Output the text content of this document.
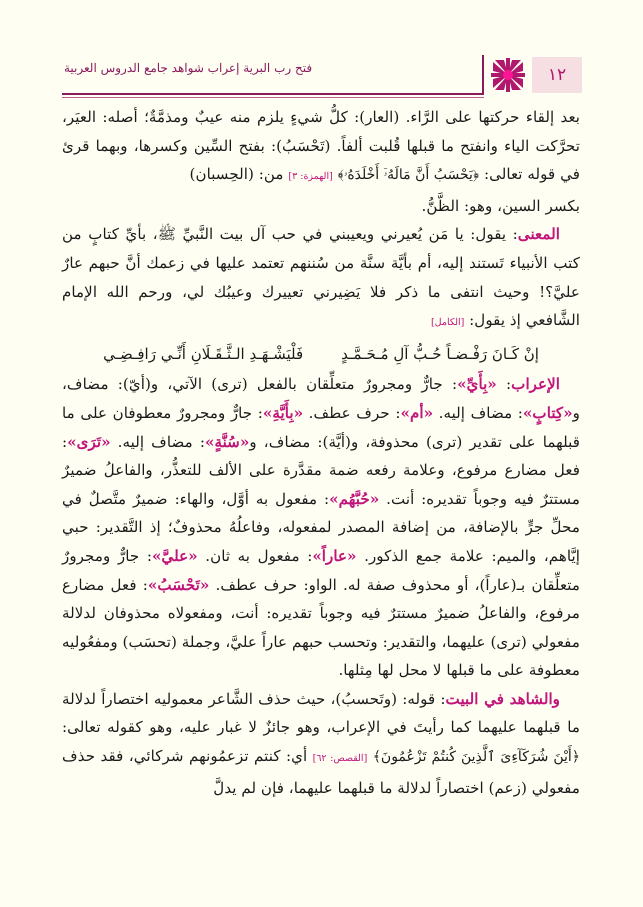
١٢
فتح رب البرية إعراب شواهد جامع الدروس العربية

بعد إلقاء حركتها على الرَّاء. (العار): كلُّ شيءٍ يلزم منه عيبٌ ومذمَّةٌ؛ أصله: العيَر، تحرَّكت الياء وانفتح ما قبلها قُلبت ألفاً. (تَحْسَبُ): بفتح السِّين وكسرها، وبهما قرئ في قوله تعالى: ﴿يَحْسَبُ أَنَّ مَالَهُۥٓ أَخْلَدَهُۥ﴾ [الهمزة: ٣] من: (الحِسبان)

بكسر السين، وهو: الظَّنُّ.

المعنى: يقول: يا مَن يُعيرني ويعيبني في حب آل بيت النَّبيِّ ﷺ، بأيِّ كتابٍ من كتب الأنبياء تَستند إليه، أم بأيَّة سنَّة من سُننهم تعتمد عليها في زعمك أنَّ حبهم عارٌ عليَّ؟! وحيث انتفى ما ذكر فلا يَضِيرني تعييرك وعيبُك لي، ورحم الله الإمام الشَّافعي إذ يقول: [الكامل]

إنْ كَـانَ رَفْـضـاً حُـبُّ آلِ مُـحَـمَّـدٍ
فَلْيَشْـهَـدِ الـثَّـقَـلَانِ أَنِّـي رَافِـضِـي

الإعراب: «بِأَيِّ»: جارٌّ ومجرورٌ متعلِّقان بالفعل (ترى) الآتي، و(أيّ): مضاف، و«كِتابٍ»: مضاف إليه. «أم»: حرف عطف. «بِأَيَّةِ»: جارٌّ ومجرورٌ معطوفان على ما قبلهما على تقدير (ترى) محذوفة، و(أيَّة): مضاف، و«سُنَّةٍ»: مضاف إليه. «تَرَى»: فعل مضارع مرفوع، وعلامة رفعه ضمة مقدَّرة على الألف للتعذُّر، والفاعلُ ضميرٌ مستترٌ فيه وجوباً تقديره: أنت. «حُبَّهُم»: مفعول به أوَّل، والهاء: ضميرٌ متَّصلٌ في محلِّ جرٍّ بالإضافة، من إضافة المصدر لمفعوله، وفاعلُهُ محذوفٌ؛ إذ التَّقدير: حبي إيَّاهم، والميم: علامة جمع الذكور. «عاراً»: مفعول به ثان. «عليَّ»: جارٌّ ومجرورٌ متعلِّقان بـ(عاراً)، أو محذوف صفة له. الواو: حرف عطف. «تَحْسَبُ»: فعل مضارع مرفوع، والفاعلُ ضميرٌ مستترٌ فيه وجوباً تقديره: أنت، ومفعولاه محذوفان لدلالة مفعولي (ترى) عليهما، والتقدير: وتحسب حبهم عاراً عليَّ، وجملة (تحسَب) ومفعُوليه معطوفة على ما قبلها لا محل لها مِثلها.

والشاهد في البيت: قوله: (وتَحسبُ)، حيث حذف الشَّاعر معموليه اختصاراً لدلالة ما قبلهما عليهما كما رأيتَ في الإعراب، وهو جائزٌ لا غبار عليه، وهو كقوله تعالى: ﴿أَيْنَ شُرَكَآءِىَ ٱلَّذِينَ كُنتُمْ تَزْعُمُونَ﴾ [القصص: ٦٢] أي: كنتم تزعمُونهم شركائي، فقد حذف مفعولي (زعم) اختصاراً لدلالة ما قبلهما عليهما، فإن لم يدلَّ
